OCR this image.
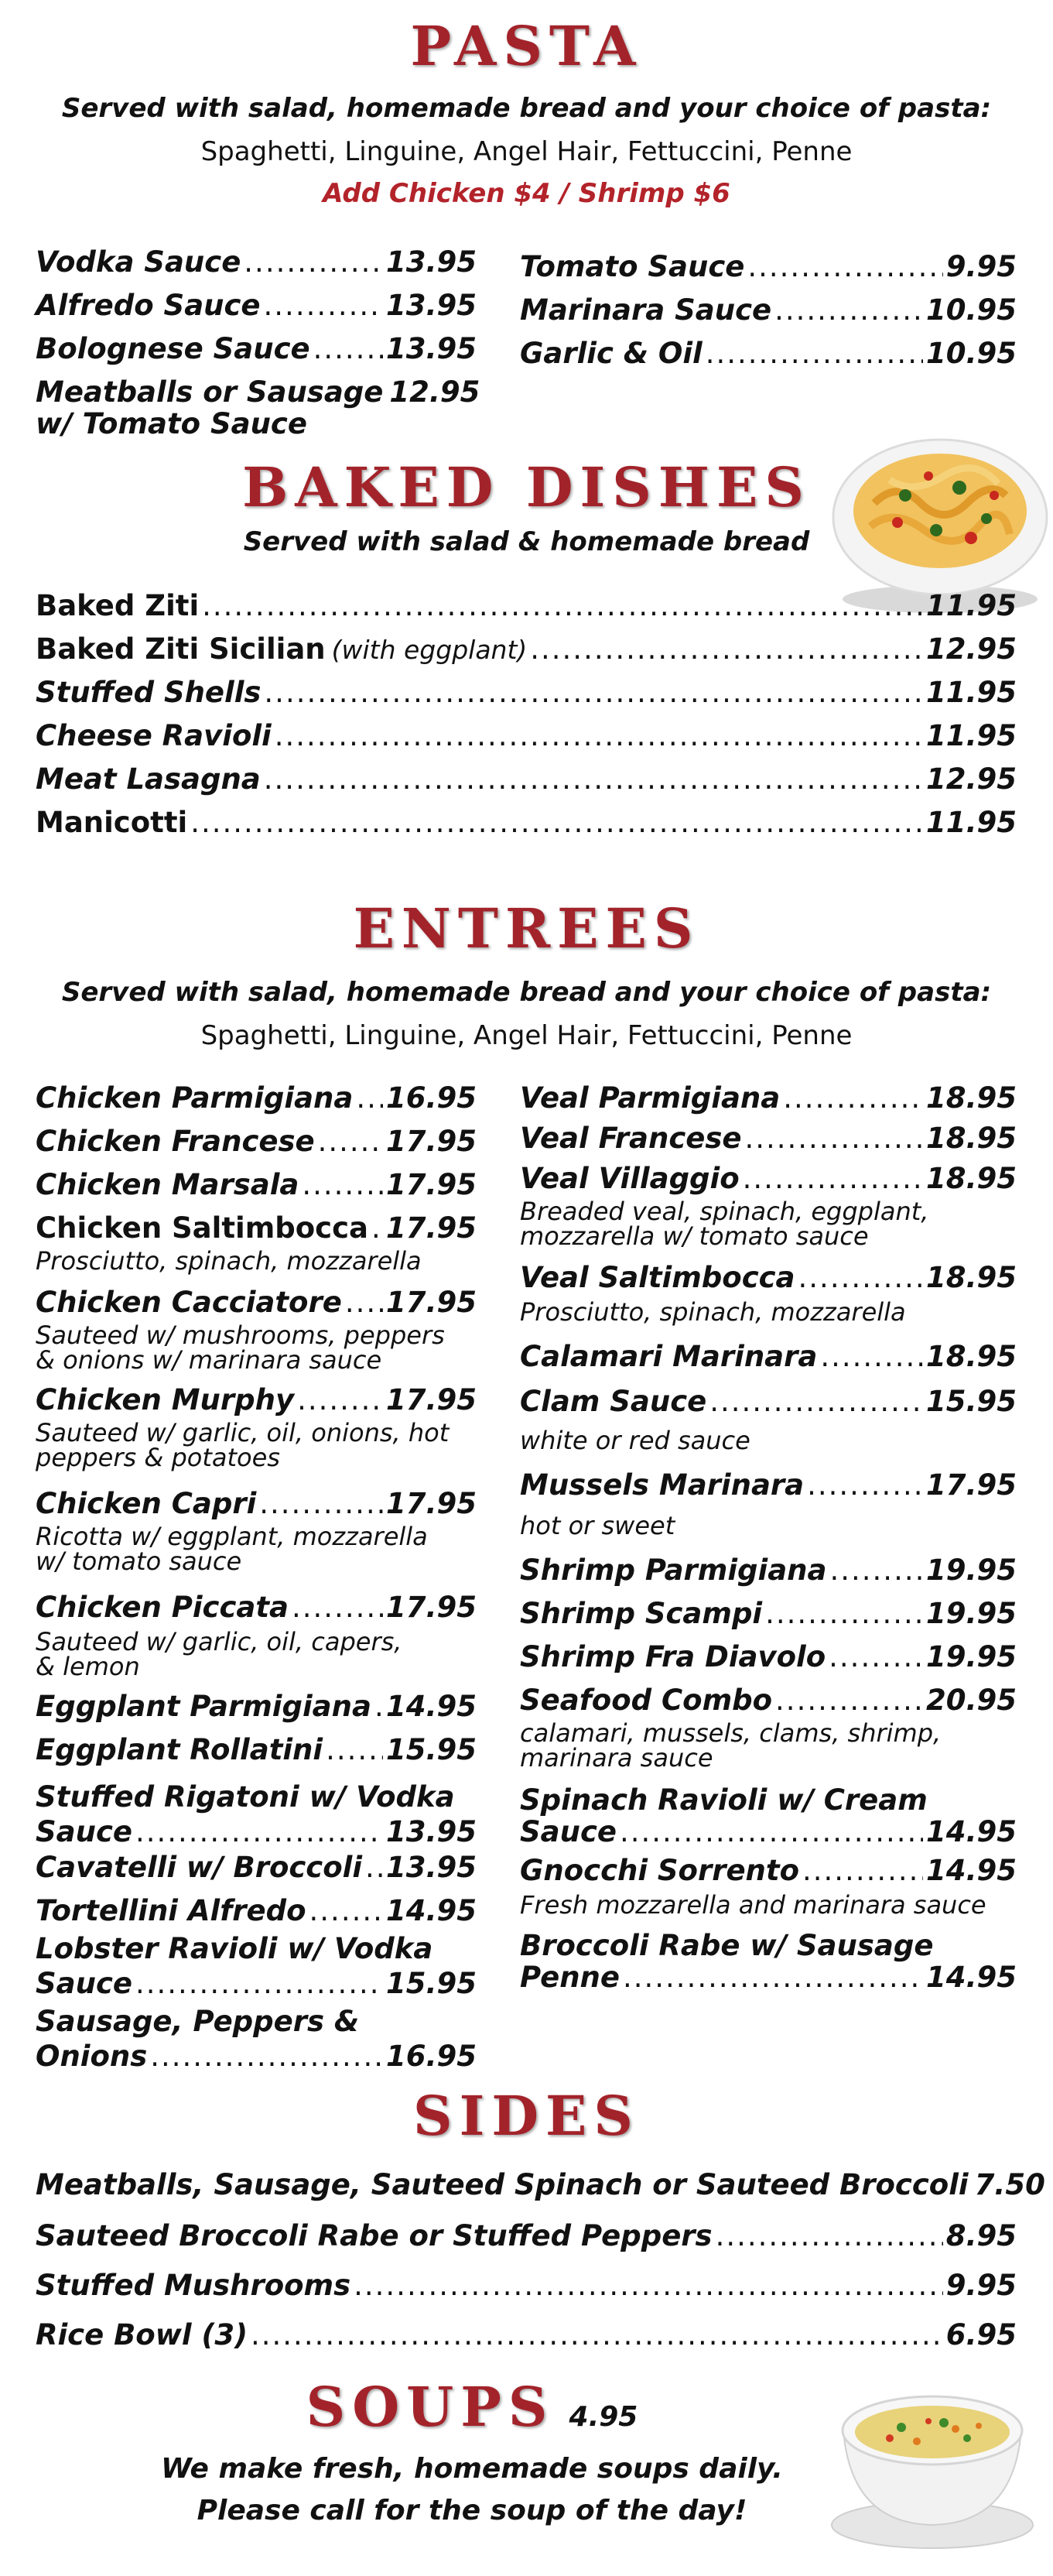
PASTA
Served with salad, homemade bread and your choice of pasta:
Spaghetti, Linguine, Angel Hair, Fettuccini, Penne
Add Chicken $4 / Shrimp $6
Vodka Sauce .....	13.95
Alfredo Sauce .....	13.95
Bolognese Sauce .....	13.95
Meatballs or Sausage 12.95
w/ Tomato Sauce
Tomato Sauce .....	9.95
Marinara Sauce .....	10.95
Garlic & Oil .....	10.95
BAKED DISHES
Served with salad & homemade bread
Baked Ziti .....	11.95
Baked Ziti Sicilian (with eggplant) .....	12.95
Stuffed Shells .....	11.95
Cheese Ravioli .....	11.95
Meat Lasagna .....	12.95
Manicotti .....	11.95
ENTREES
Served with salad, homemade bread and your choice of pasta:
Spaghetti, Linguine, Angel Hair, Fettuccini, Penne
Chicken Parmigiana ..... 16.95
Chicken Francese ..... 17.95
Chicken Marsala .....	17.95
Chicken Saltimbocca ..... 17.95
Prosciutto, spinach, mozzarella
Chicken Cacciatore ..... 17.95
Sauteed w/ mushrooms, peppers
& onions w/ marinara sauce
Chicken Murphy .....	17.95
Sauteed w/ garlic, oil, onions, hot
peppers & potatoes
Chicken Capri .....	17.95
Ricotta w/ eggplant, mozzarella
w/ tomato sauce
Chicken Piccata .....	17.95
Sauteed w/ garlic, oil, capers,
& lemon
Eggplant Parmigiana ..... 14.95
Eggplant Rollatini ..... 15.95
Stuffed Rigatoni w/ Vodka
Sauce .....	13.95
Cavatelli w/ Broccoli ..... 13.95
Tortellini Alfredo .....	14.95
Lobster Ravioli w/ Vodka
Sauce .....	15.95
Sausage, Peppers &
Onions .....	16.95
Veal Parmigiana .....	18.95
Veal Francese .....	18.95
Veal Villaggio .....	18.95
Breaded veal, spinach, eggplant,
mozzarella w/ tomato sauce
Veal Saltimbocca .....	18.95
Prosciutto, spinach, mozzarella
Calamari Marinara .....	18.95
Clam Sauce .....	15.95
white or red sauce
Mussels Marinara .....	17.95
hot or sweet
Shrimp Parmigiana .....	19.95
Shrimp Scampi .....	19.95
Shrimp Fra Diavolo .....	19.95
Seafood Combo .....	20.95
calamari, mussels, clams, shrimp,
marinara sauce
Spinach Ravioli w/ Cream
Sauce .....	14.95
Gnocchi Sorrento .....	14.95
Fresh mozzarella and marinara sauce
Broccoli Rabe w/ Sausage
Penne .....	14.95
SIDES
Meatballs, Sausage, Sauteed Spinach or Sauteed Broccoli 7.50
Sauteed Broccoli Rabe or Stuffed Peppers .....	8.95
Stuffed Mushrooms .....	9.95
Rice Bowl (3) .....	6.95
SOUPS 4.95
We make fresh, homemade soups daily.
Please call for the soup of the day!
